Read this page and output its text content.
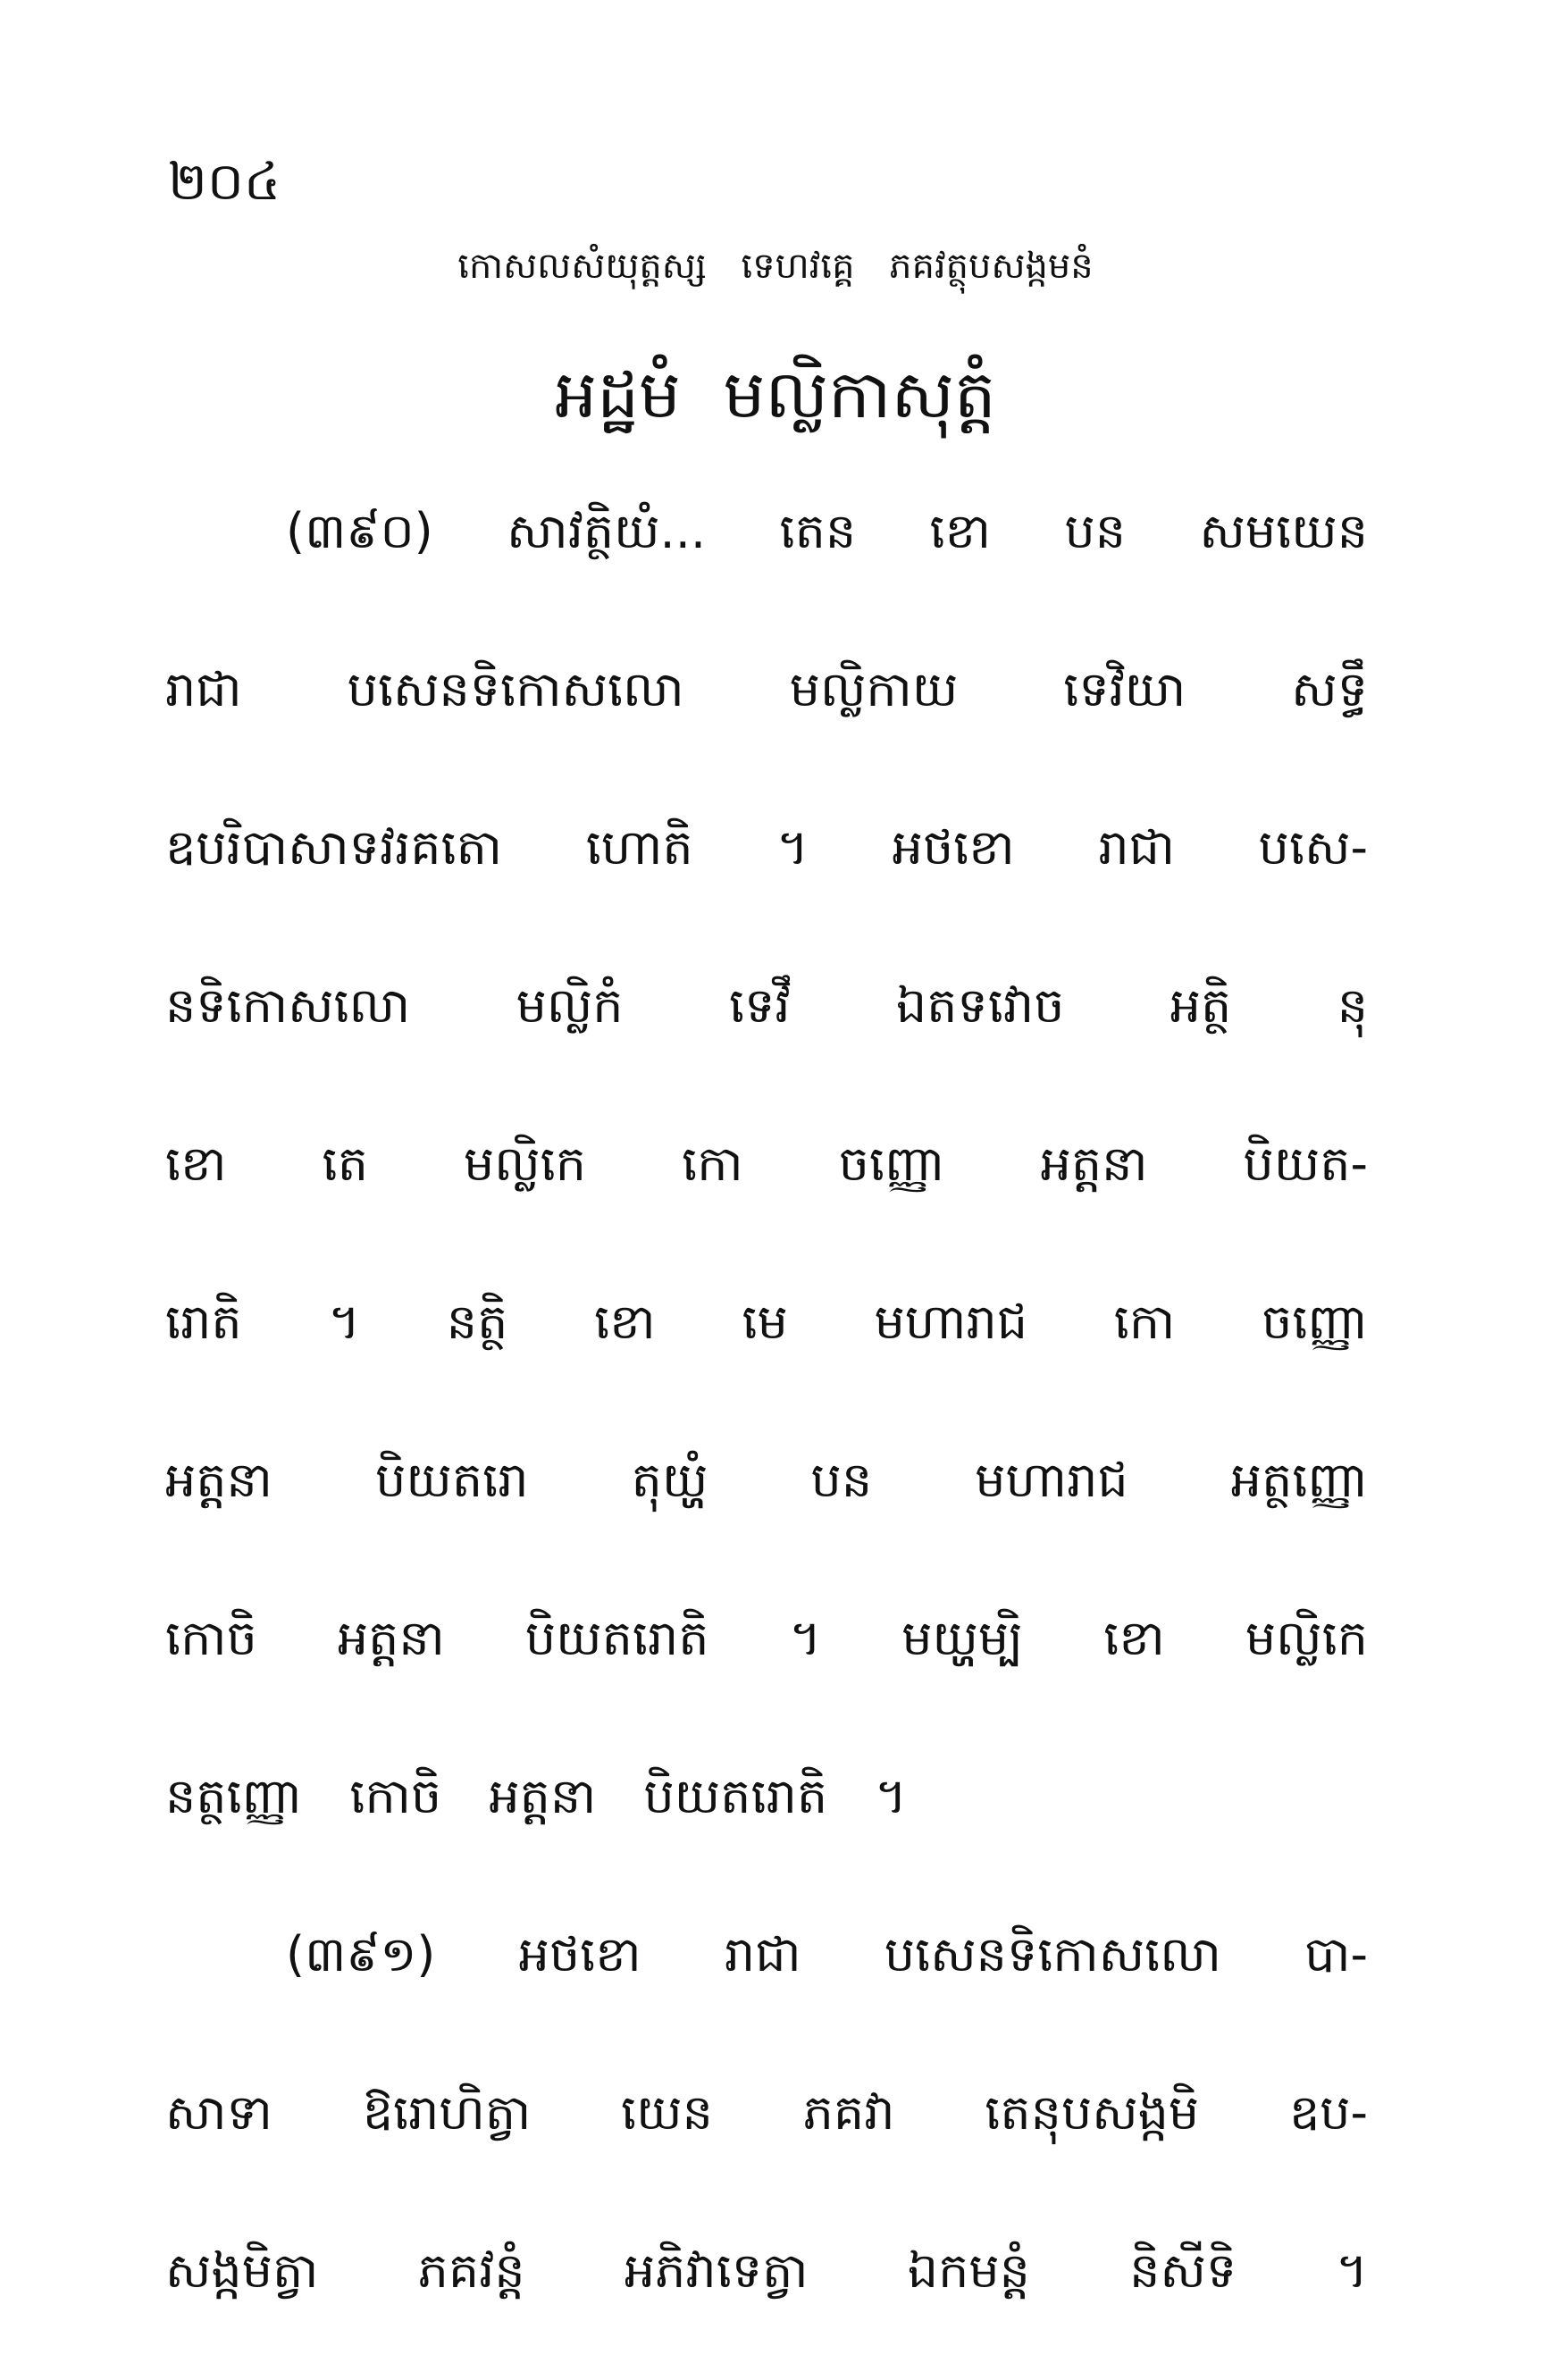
២០៤
កោសលសំយុត្តស្ស ទេហវគ្គេ ភគវត្ថុបសង្កមនំ
អដ្ឋមំ មល្លិកាសុត្តំ
(៣៩០) សាវត្ថិយំ... តេន ខោ បន សមយេន
រាជា បសេនទិកោសលោ មល្លិកាយ ទេវិយា សទ្ធឹ
ឧបរិបាសាទវរគតោ ហោតិ ។ អថខោ រាជា បសេ-
នទិកោសលោ មល្លិកំ ទេវឹ ឯតទវោច អត្ថិ នុ
ខោ តេ មល្លិកេ កោ ចញ្ញោ អត្តនា បិយត-
រោតិ ។ នត្ថិ ខោ មេ មហារាជ កោ ចញ្ញោ
អត្តនា បិយតរោ តុយ្ហំ បន មហារាជ អត្ថញ្ញោ
កោចិ អត្តនា បិយតរោតិ ។ មយ្ហម្បិ ខោ មល្លិកេ
នត្ថញ្ញោ កោចិ អត្តនា បិយតរោតិ ។
(៣៩១) អថខោ រាជា បសេនទិកោសលោ បា-
សាទា ឱរោហិត្វា យេន ភគវា តេនុបសង្កមិ ឧប-
សង្កមិត្វា ភគវន្តំ អភិវាទេត្វា ឯកមន្តំ និសីទិ ។
